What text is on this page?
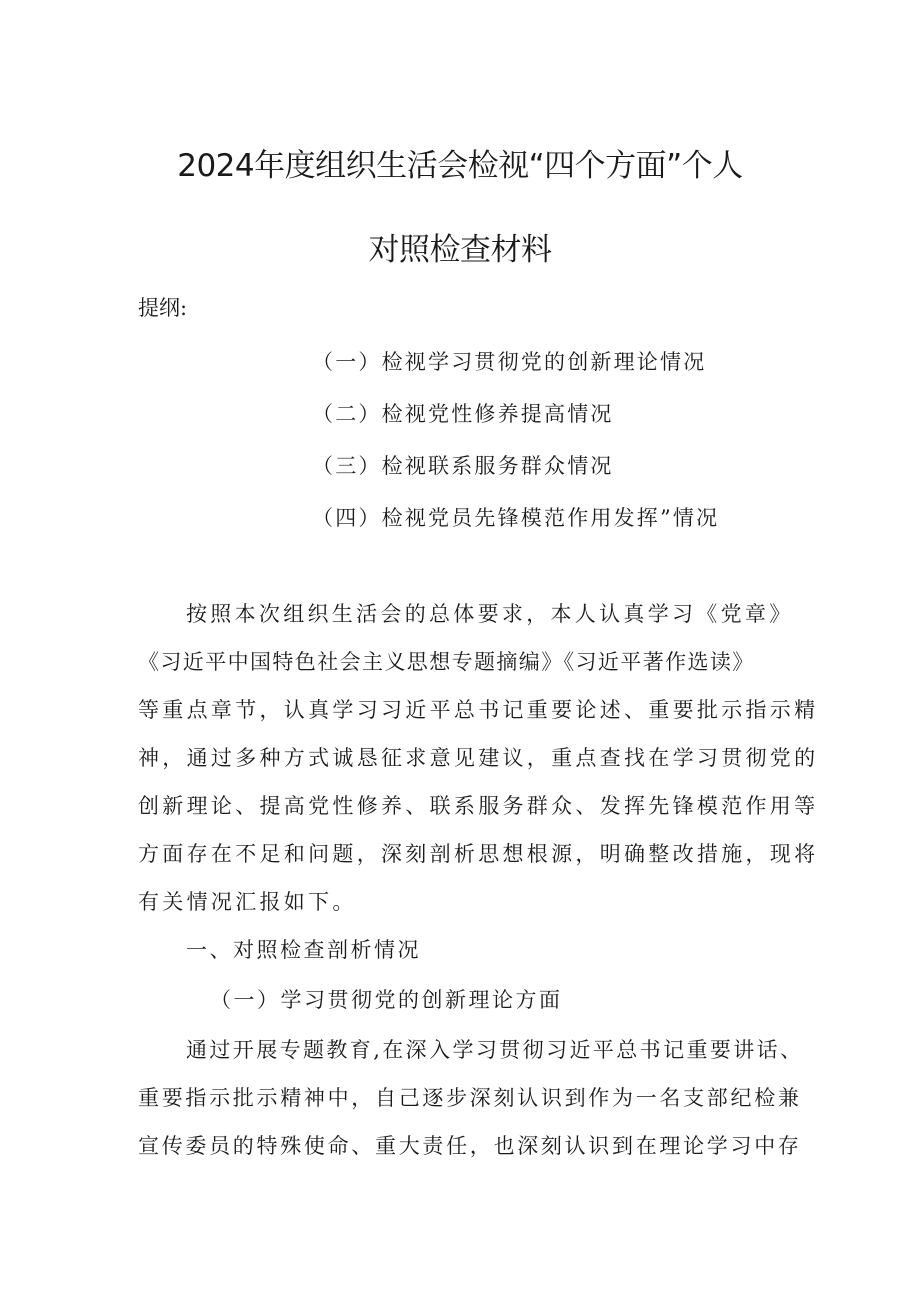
2024年度组织生活会检视“四个方面”个人
对照检查材料
提纲:
（一）检视学习贯彻党的创新理论情况
（二）检视党性修养提高情况
（三）检视联系服务群众情况
（四）检视党员先锋模范作用发挥”情况
按照本次组织生活会的总体要求，本人认真学习《党章》
《习近平中国特色社会主义思想专题摘编》《习近平著作选读》
等重点章节，认真学习习近平总书记重要论述、重要批示指示精
神，通过多种方式诚恳征求意见建议，重点查找在学习贯彻党的
创新理论、提高党性修养、联系服务群众、发挥先锋模范作用等
方面存在不足和问题，深刻剖析思想根源，明确整改措施，现将
有关情况汇报如下。
一、对照检查剖析情况
（一）学习贯彻党的创新理论方面
通过开展专题教育,在深入学习贯彻习近平总书记重要讲话、
重要指示批示精神中，自己逐步深刻认识到作为一名支部纪检兼
宣传委员的特殊使命、重大责任，也深刻认识到在理论学习中存
